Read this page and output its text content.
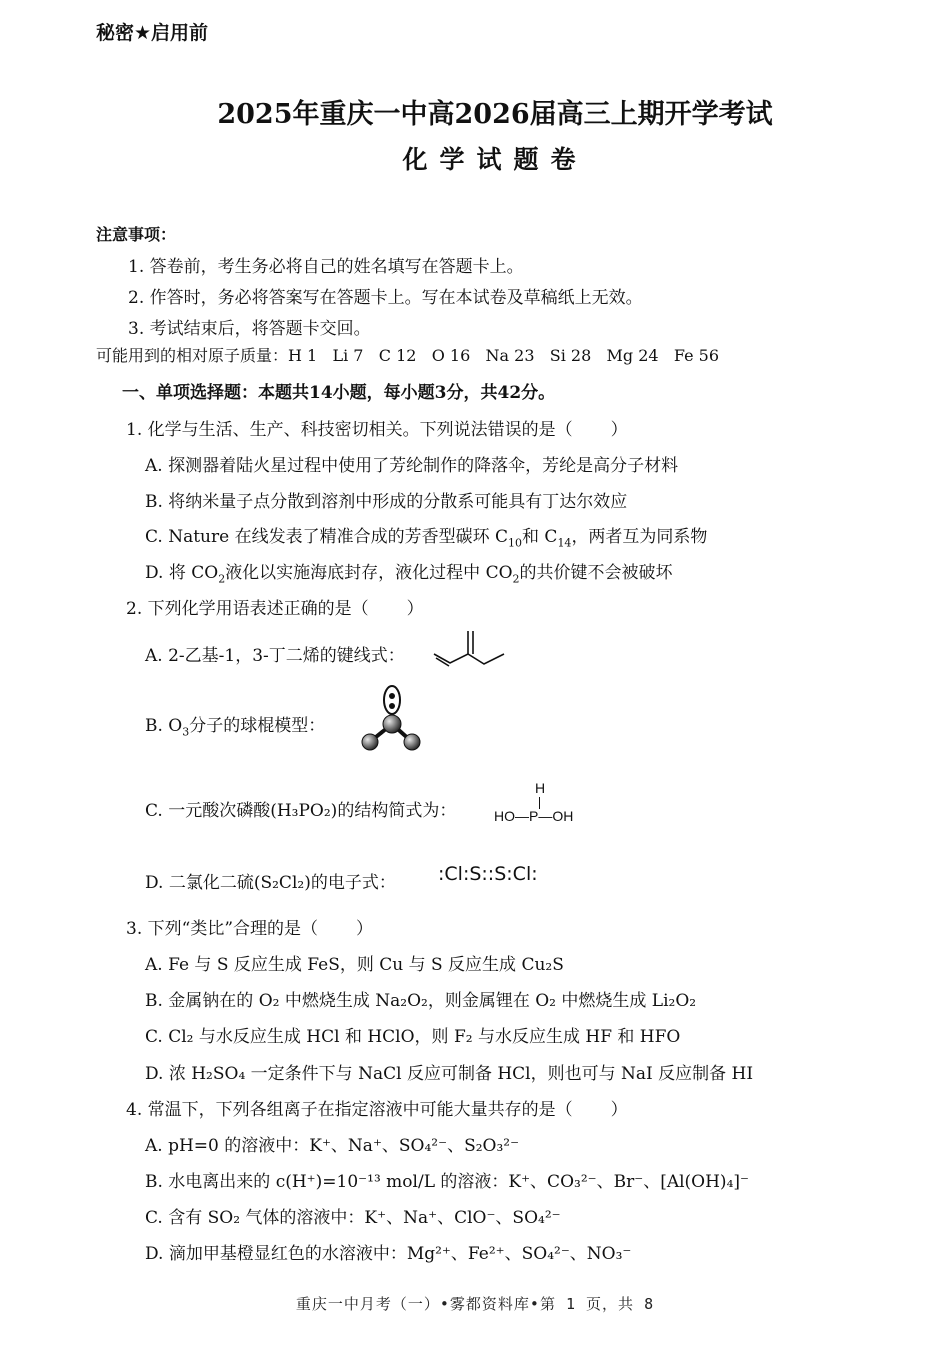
秘密★启用前
2025年重庆一中高2026届高三上期开学考试
化学试题卷
注意事项：
1. 答卷前，考生务必将自己的姓名填写在答题卡上。
2. 作答时，务必将答案写在答题卡上。写在本试卷及草稿纸上无效。
3. 考试结束后，将答题卡交回。
可能用到的相对原子质量：H 1   Li 7   C 12   O 16   Na 23   Si 28   Mg 24   Fe 56
一、单项选择题：本题共14小题，每小题3分，共42分。
1. 化学与生活、生产、科技密切相关。下列说法错误的是（ ）
A. 探测器着陆火星过程中使用了芳纶制作的降落伞，芳纶是高分子材料
B. 将纳米量子点分散到溶剂中形成的分散系可能具有丁达尔效应
C. Nature 在线发表了精准合成的芳香型碳环 $C_{10}$和 $C_{14}$，两者互为同系物
D. 将 $CO_2$液化以实施海底封存，液化过程中 $CO_2$的共价键不会被破坏
2. 下列化学用语表述正确的是（ ）
A. 2-乙基-1，3-丁二烯的键线式：
B. $O_3$分子的球棍模型：
C. 一元酸次磷酸(H₃PO₂)的结构简式为：
H
HO—P—OH
D. 二氯化二硫(S₂Cl₂)的电子式： :Cl:S::S:Cl:
3. 下列“类比”合理的是（ ）
A. Fe 与 S 反应生成 FeS，则 Cu 与 S 反应生成 Cu₂S
B. 金属钠在的 O₂ 中燃烧生成 Na₂O₂，则金属锂在 O₂ 中燃烧生成 Li₂O₂
C. Cl₂ 与水反应生成 HCl 和 HClO，则 F₂ 与水反应生成 HF 和 HFO
D. 浓 H₂SO₄ 一定条件下与 NaCl 反应可制备 HCl，则也可与 NaI 反应制备 HI
4. 常温下，下列各组离子在指定溶液中可能大量共存的是（ ）
A. pH=0 的溶液中：K⁺、Na⁺、SO₄²⁻、S₂O₃²⁻
B. 水电离出来的 c(H⁺)=10⁻¹³ mol/L 的溶液：K⁺、CO₃²⁻、Br⁻、[Al(OH)₄]⁻
C. 含有 SO₂ 气体的溶液中：K⁺、Na⁺、ClO⁻、SO₄²⁻
D. 滴加甲基橙显红色的水溶液中：Mg²⁺、Fe²⁺、SO₄²⁻、NO₃⁻
重庆一中月考（一）•雾都资料库•第 1 页，共 8
